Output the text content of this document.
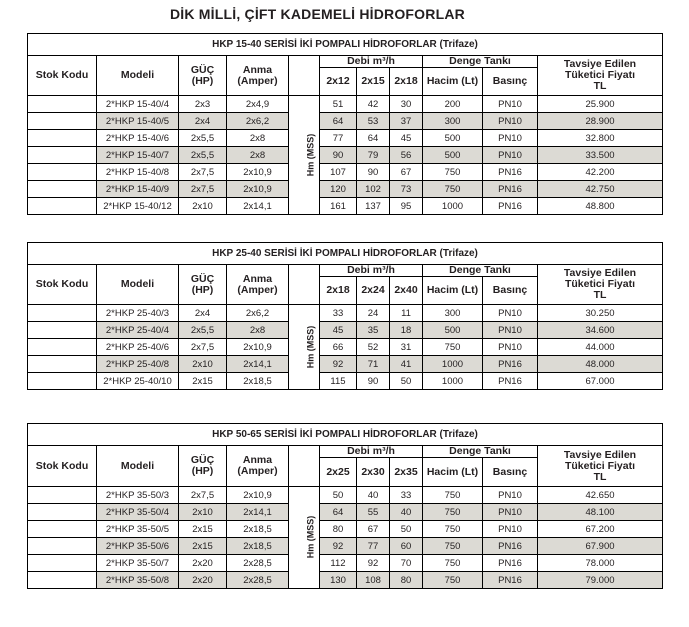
DİK MİLLİ, ÇİFT KADEMELİ HİDROFORLAR
HKP 15-40 SERİSİ İKİ POMPALI HİDROFORLAR (Trifaze)										
Stok Kodu	Modeli	GÜÇ
(HP)	Anma
(Amper)		Debi m³/h			Denge Tankı		Tavsiye Edilen
Tüketici Fiyatı
TL
					2x12	2x15	2x18	Hacim (Lt)	Basınç	
	2*HKP 15-40/4	2x3	2x4,9	Hm (MSS)	51	42	30	200	PN10	25.900
	2*HKP 15-40/5	2x4	2x6,2		64	53	37	300	PN10	28.900
	2*HKP 15-40/6	2x5,5	2x8		77	64	45	500	PN10	32.800
	2*HKP 15-40/7	2x5,5	2x8		90	79	56	500	PN10	33.500
	2*HKP 15-40/8	2x7,5	2x10,9		107	90	67	750	PN16	42.200
	2*HKP 15-40/9	2x7,5	2x10,9		120	102	73	750	PN16	42.750
	2*HKP 15-40/12	2x10	2x14,1		161	137	95	1000	PN16	48.800
HKP 25-40 SERİSİ İKİ POMPALI HİDROFORLAR (Trifaze)										
Stok Kodu	Modeli	GÜÇ
(HP)	Anma
(Amper)		Debi m³/h			Denge Tankı		Tavsiye Edilen
Tüketici Fiyatı
TL
					2x18	2x24	2x40	Hacim (Lt)	Basınç	
	2*HKP 25-40/3	2x4	2x6,2	Hm (MSS)	33	24	11	300	PN10	30.250
	2*HKP 25-40/4	2x5,5	2x8		45	35	18	500	PN10	34.600
	2*HKP 25-40/6	2x7,5	2x10,9		66	52	31	750	PN10	44.000
	2*HKP 25-40/8	2x10	2x14,1		92	71	41	1000	PN16	48.000
	2*HKP 25-40/10	2x15	2x18,5		115	90	50	1000	PN16	67.000
HKP 50-65 SERİSİ İKİ POMPALI HİDROFORLAR (Trifaze)										
Stok Kodu	Modeli	GÜÇ
(HP)	Anma
(Amper)		Debi m³/h			Denge Tankı		Tavsiye Edilen
Tüketici Fiyatı
TL
					2x25	2x30	2x35	Hacim (Lt)	Basınç	
	2*HKP 35-50/3	2x7,5	2x10,9	Hm (MSS)	50	40	33	750	PN10	42.650
	2*HKP 35-50/4	2x10	2x14,1		64	55	40	750	PN10	48.100
	2*HKP 35-50/5	2x15	2x18,5		80	67	50	750	PN10	67.200
	2*HKP 35-50/6	2x15	2x18,5		92	77	60	750	PN16	67.900
	2*HKP 35-50/7	2x20	2x28,5		112	92	70	750	PN16	78.000
	2*HKP 35-50/8	2x20	2x28,5		130	108	80	750	PN16	79.000
